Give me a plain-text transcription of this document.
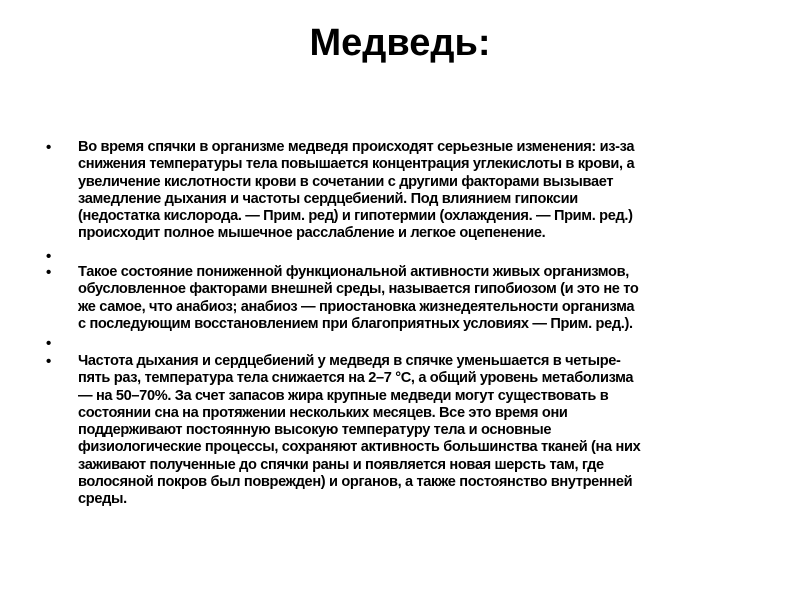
Медведь:
• Во время спячки в организме медведя происходят серьезные изменения: из-за
снижения температуры тела повышается концентрация углекислоты в крови, а
увеличение кислотности крови в сочетании с другими факторами вызывает
замедление дыхания и частоты сердцебиений. Под влиянием гипоксии
(недостатка кислорода. — Прим. ред) и гипотермии (охлаждения. — Прим. ред.)
происходит полное мышечное расслабление и легкое оцепенение.
•
• Такое состояние пониженной функциональной активности живых организмов,
обусловленное факторами внешней среды, называется гипобиозом (и это не то
же самое, что анабиоз; анабиоз — приостановка жизнедеятельности организма
с последующим восстановлением при благоприятных условиях — Прим. ред.).
•
• Частота дыхания и сердцебиений у медведя в спячке уменьшается в четыре-
пять раз, температура тела снижается на 2–7 °С, а общий уровень метаболизма
— на 50–70%. За счет запасов жира крупные медведи могут существовать в
состоянии сна на протяжении нескольких месяцев. Все это время они
поддерживают постоянную высокую температуру тела и основные
физиологические процессы, сохраняют активность большинства тканей (на них
заживают полученные до спячки раны и появляется новая шерсть там, где
волосяной покров был поврежден) и органов, а также постоянство внутренней
среды.
